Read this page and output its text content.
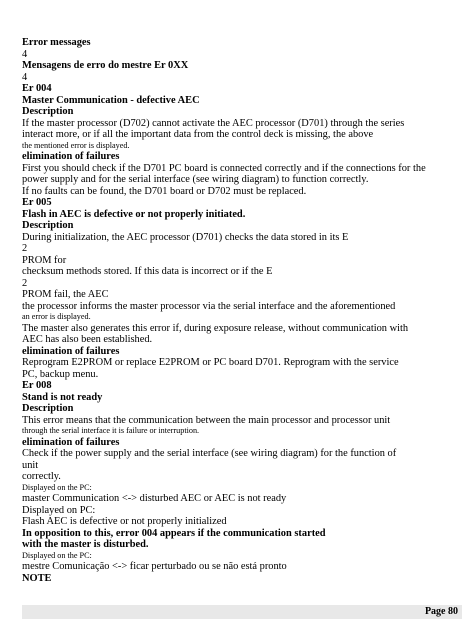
Error messages
4
Mensagens de erro do mestre Er 0XX
4
Er 004
Master Communication - defective AEC
Description
If the master processor (D702) cannot activate the AEC processor (D701) through the series
interact more, or if all the important data from the control deck is missing, the above
the mentioned error is displayed.
elimination of failures
First you should check if the D701 PC board is connected correctly and if the connections for the
power supply and for the serial interface (see wiring diagram) to function correctly.
If no faults can be found, the D701 board or D702 must be replaced.
Er 005
Flash in AEC is defective or not properly initiated.
Description
During initialization, the AEC processor (D701) checks the data stored in its E
2
PROM for
checksum methods stored. If this data is incorrect or if the E
2
PROM fail, the AEC
the processor informs the master processor via the serial interface and the aforementioned
an error is displayed.
The master also generates this error if, during exposure release, without communication with
AEC has also been established.
elimination of failures
Reprogram E2PROM or replace E2PROM or PC board D701. Reprogram with the service
PC, backup menu.
Er 008
Stand is not ready
Description
This error means that the communication between the main processor and processor unit
through the serial interface it is failure or interruption.
elimination of failures
Check if the power supply and the serial interface (see wiring diagram) for the function of
unit
correctly.
Displayed on the PC:
master Communication <-> disturbed AEC or AEC is not ready
Displayed on PC:
Flash AEC is defective or not properly initialized
In opposition to this, error 004 appears if the communication started
with the master is disturbed.
Displayed on the PC:
mestre Comunicação <-> ficar perturbado ou se não está pronto
NOTE
Page 80
